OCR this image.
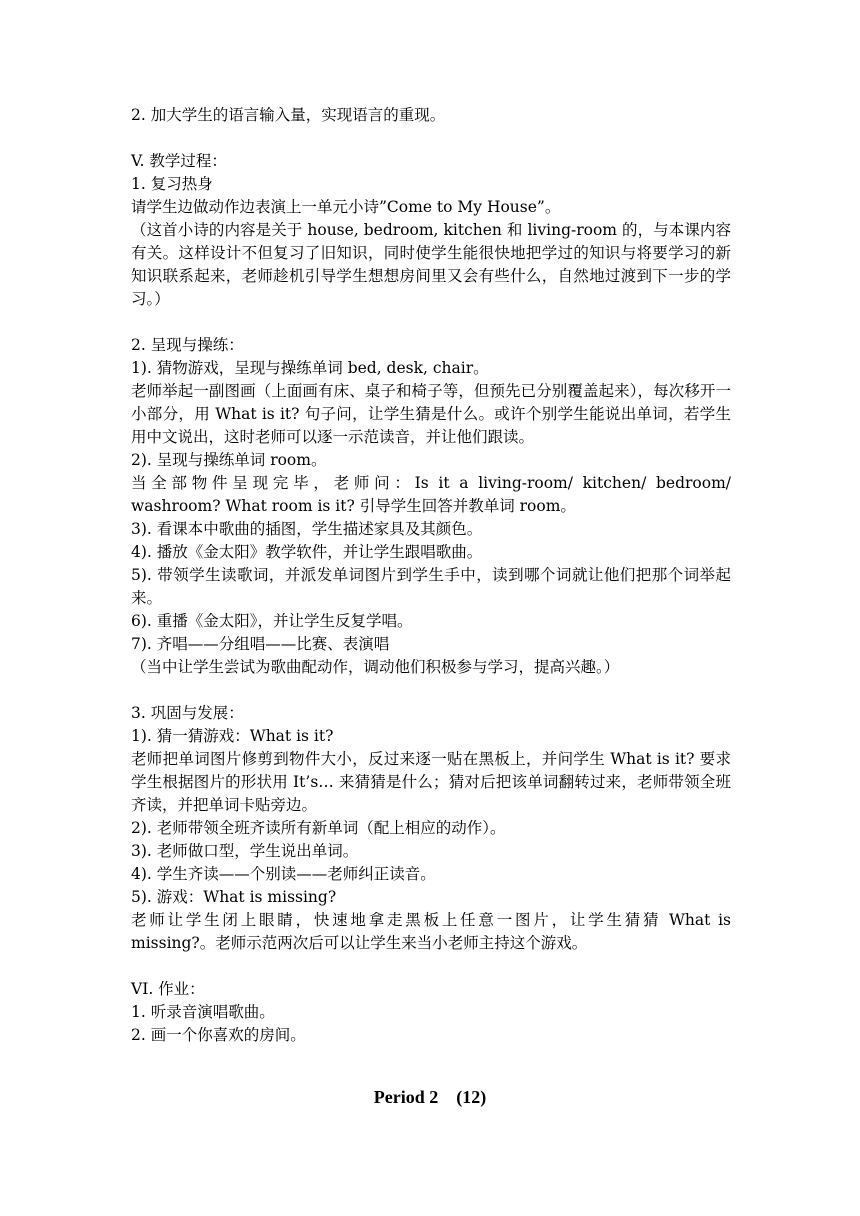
2. 加大学生的语言输入量，实现语言的重现。
V. 教学过程：
1. 复习热身
请学生边做动作边表演上一单元小诗”Come to My House”。
（这首小诗的内容是关于 house, bedroom, kitchen 和 living-room 的，与本课内容有关。这样设计不但复习了旧知识，同时使学生能很快地把学过的知识与将要学习的新知识联系起来，老师趁机引导学生想想房间里又会有些什么，自然地过渡到下一步的学习。）
2. 呈现与操练：
1). 猜物游戏，呈现与操练单词 bed, desk, chair。
老师举起一副图画（上面画有床、桌子和椅子等，但预先已分别覆盖起来），每次移开一小部分，用 What is it? 句子问，让学生猜是什么。或许个别学生能说出单词，若学生用中文说出，这时老师可以逐一示范读音，并让他们跟读。
2). 呈现与操练单词 room。
当全部物件呈现完毕，老师问：Is it a living-room/ kitchen/ bedroom/ washroom? What room is it? 引导学生回答并教单词 room。
3). 看课本中歌曲的插图，学生描述家具及其颜色。
4). 播放《金太阳》教学软件，并让学生跟唱歌曲。
5). 带领学生读歌词，并派发单词图片到学生手中，读到哪个词就让他们把那个词举起来。
6). 重播《金太阳》，并让学生反复学唱。
7). 齐唱——分组唱——比赛、表演唱
（当中让学生尝试为歌曲配动作，调动他们积极参与学习，提高兴趣。）
3. 巩固与发展：
1). 猜一猜游戏：What is it?
老师把单词图片修剪到物件大小，反过来逐一贴在黑板上，并问学生 What is it? 要求学生根据图片的形状用 It’s… 来猜猜是什么；猜对后把该单词翻转过来，老师带领全班齐读，并把单词卡贴旁边。
2). 老师带领全班齐读所有新单词（配上相应的动作）。
3). 老师做口型，学生说出单词。
4). 学生齐读——个别读——老师纠正读音。
5). 游戏：What is missing?
老师让学生闭上眼睛，快速地拿走黑板上任意一图片，让学生猜猜 What is missing?。老师示范两次后可以让学生来当小老师主持这个游戏。
VI. 作业：
1. 听录音演唱歌曲。
2. 画一个你喜欢的房间。
Period 2    (12)
